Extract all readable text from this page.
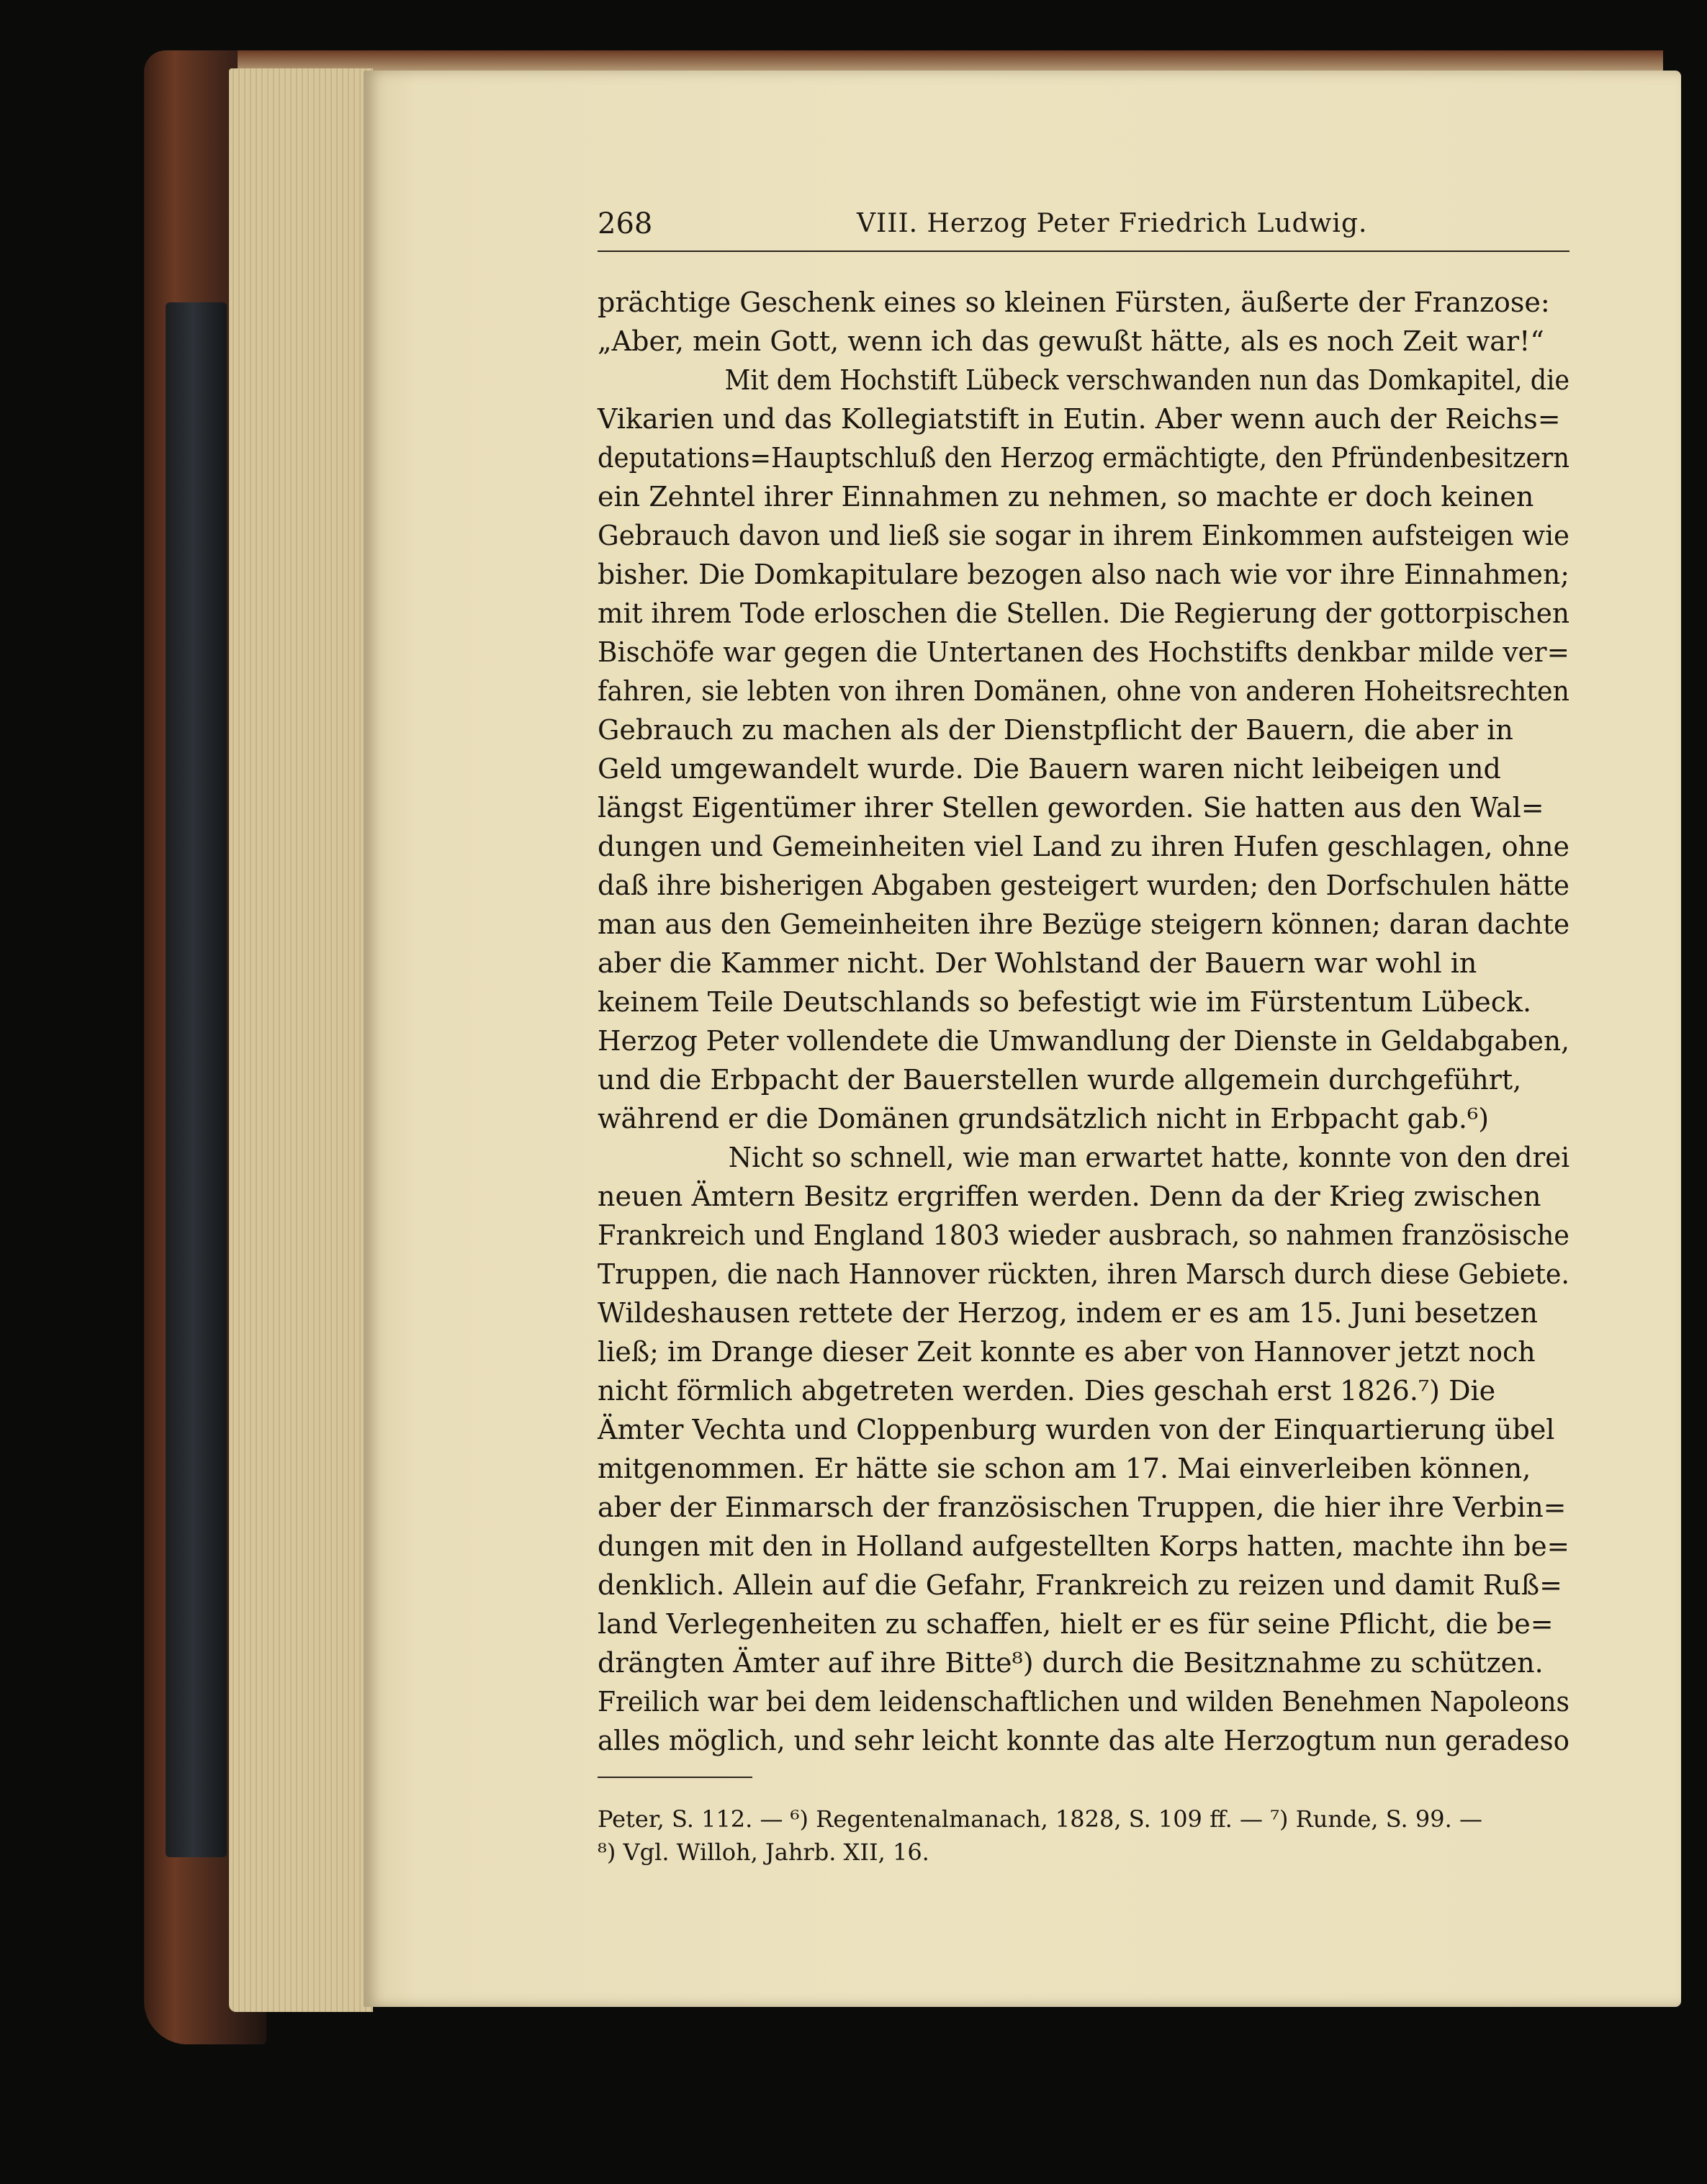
268	VIII. Herzog Peter Friedrich Ludwig.
prächtige Geschenk eines so kleinen Fürsten, äußerte der Franzose:
„Aber, mein Gott, wenn ich das gewußt hätte, als es noch Zeit war!“
Mit dem Hochstift Lübeck verschwanden nun das Domkapitel, die
Vikarien und das Kollegiatstift in Eutin. Aber wenn auch der Reichs=
deputations=Hauptschluß den Herzog ermächtigte, den Pfründenbesitzern
ein Zehntel ihrer Einnahmen zu nehmen, so machte er doch keinen
Gebrauch davon und ließ sie sogar in ihrem Einkommen aufsteigen wie
bisher. Die Domkapitulare bezogen also nach wie vor ihre Einnahmen;
mit ihrem Tode erloschen die Stellen. Die Regierung der gottorpischen
Bischöfe war gegen die Untertanen des Hochstifts denkbar milde ver=
fahren, sie lebten von ihren Domänen, ohne von anderen Hoheitsrechten
Gebrauch zu machen als der Dienstpflicht der Bauern, die aber in
Geld umgewandelt wurde. Die Bauern waren nicht leibeigen und
längst Eigentümer ihrer Stellen geworden. Sie hatten aus den Wal=
dungen und Gemeinheiten viel Land zu ihren Hufen geschlagen, ohne
daß ihre bisherigen Abgaben gesteigert wurden; den Dorfschulen hätte
man aus den Gemeinheiten ihre Bezüge steigern können; daran dachte
aber die Kammer nicht. Der Wohlstand der Bauern war wohl in
keinem Teile Deutschlands so befestigt wie im Fürstentum Lübeck.
Herzog Peter vollendete die Umwandlung der Dienste in Geldabgaben,
und die Erbpacht der Bauerstellen wurde allgemein durchgeführt,
während er die Domänen grundsätzlich nicht in Erbpacht gab.⁶)
Nicht so schnell, wie man erwartet hatte, konnte von den drei
neuen Ämtern Besitz ergriffen werden. Denn da der Krieg zwischen
Frankreich und England 1803 wieder ausbrach, so nahmen französische
Truppen, die nach Hannover rückten, ihren Marsch durch diese Gebiete.
Wildeshausen rettete der Herzog, indem er es am 15. Juni besetzen
ließ; im Drange dieser Zeit konnte es aber von Hannover jetzt noch
nicht förmlich abgetreten werden. Dies geschah erst 1826.⁷) Die
Ämter Vechta und Cloppenburg wurden von der Einquartierung übel
mitgenommen. Er hätte sie schon am 17. Mai einverleiben können,
aber der Einmarsch der französischen Truppen, die hier ihre Verbin=
dungen mit den in Holland aufgestellten Korps hatten, machte ihn be=
denklich. Allein auf die Gefahr, Frankreich zu reizen und damit Ruß=
land Verlegenheiten zu schaffen, hielt er es für seine Pflicht, die be=
drängten Ämter auf ihre Bitte⁸) durch die Besitznahme zu schützen.
Freilich war bei dem leidenschaftlichen und wilden Benehmen Napoleons
alles möglich, und sehr leicht konnte das alte Herzogtum nun geradeso
Peter, S. 112. — ⁶) Regentenalmanach, 1828, S. 109 ff. — ⁷) Runde, S. 99. —
⁸) Vgl. Willoh, Jahrb. XII, 16.
